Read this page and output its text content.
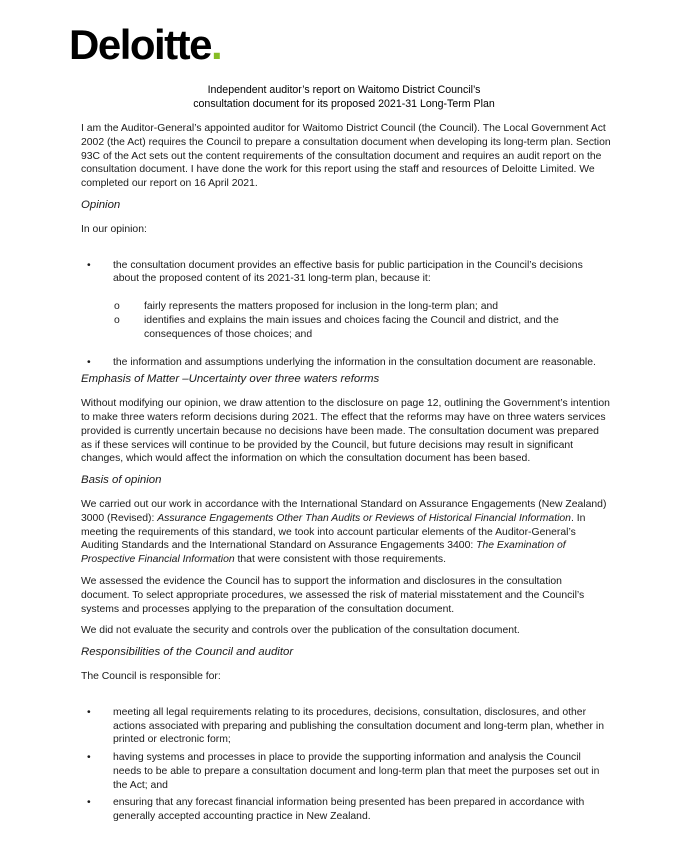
Deloitte.
Independent auditor’s report on Waitomo District Council’s
consultation document for its proposed 2021-31 Long-Term Plan

I am the Auditor-General’s appointed auditor for Waitomo District Council (the Council). The Local Government Act 2002 (the Act) requires the Council to prepare a consultation document when developing its long-term plan. Section 93C of the Act sets out the content requirements of the consultation document and requires an audit report on the consultation document. I have done the work for this report using the staff and resources of Deloitte Limited. We completed our report on 16 April 2021.

Opinion

In our opinion:

• the consultation document provides an effective basis for public participation in the Council’s decisions about the proposed content of its 2021-31 long-term plan, because it:
o fairly represents the matters proposed for inclusion in the long-term plan; and
o identifies and explains the main issues and choices facing the Council and district, and the consequences of those choices; and
• the information and assumptions underlying the information in the consultation document are reasonable.

Emphasis of Matter –Uncertainty over three waters reforms

Without modifying our opinion, we draw attention to the disclosure on page 12, outlining the Government’s intention to make three waters reform decisions during 2021. The effect that the reforms may have on three waters services provided is currently uncertain because no decisions have been made. The consultation document was prepared as if these services will continue to be provided by the Council, but future decisions may result in significant changes, which would affect the information on which the consultation document has been based.

Basis of opinion

We carried out our work in accordance with the International Standard on Assurance Engagements (New Zealand) 3000 (Revised): Assurance Engagements Other Than Audits or Reviews of Historical Financial Information. In meeting the requirements of this standard, we took into account particular elements of the Auditor-General’s Auditing Standards and the International Standard on Assurance Engagements 3400: The Examination of Prospective Financial Information that were consistent with those requirements.

We assessed the evidence the Council has to support the information and disclosures in the consultation document. To select appropriate procedures, we assessed the risk of material misstatement and the Council’s systems and processes applying to the preparation of the consultation document.

We did not evaluate the security and controls over the publication of the consultation document.

Responsibilities of the Council and auditor

The Council is responsible for:

• meeting all legal requirements relating to its procedures, decisions, consultation, disclosures, and other actions associated with preparing and publishing the consultation document and long-term plan, whether in printed or electronic form;
• having systems and processes in place to provide the supporting information and analysis the Council needs to be able to prepare a consultation document and long-term plan that meet the purposes set out in the Act; and
• ensuring that any forecast financial information being presented has been prepared in accordance with generally accepted accounting practice in New Zealand.
